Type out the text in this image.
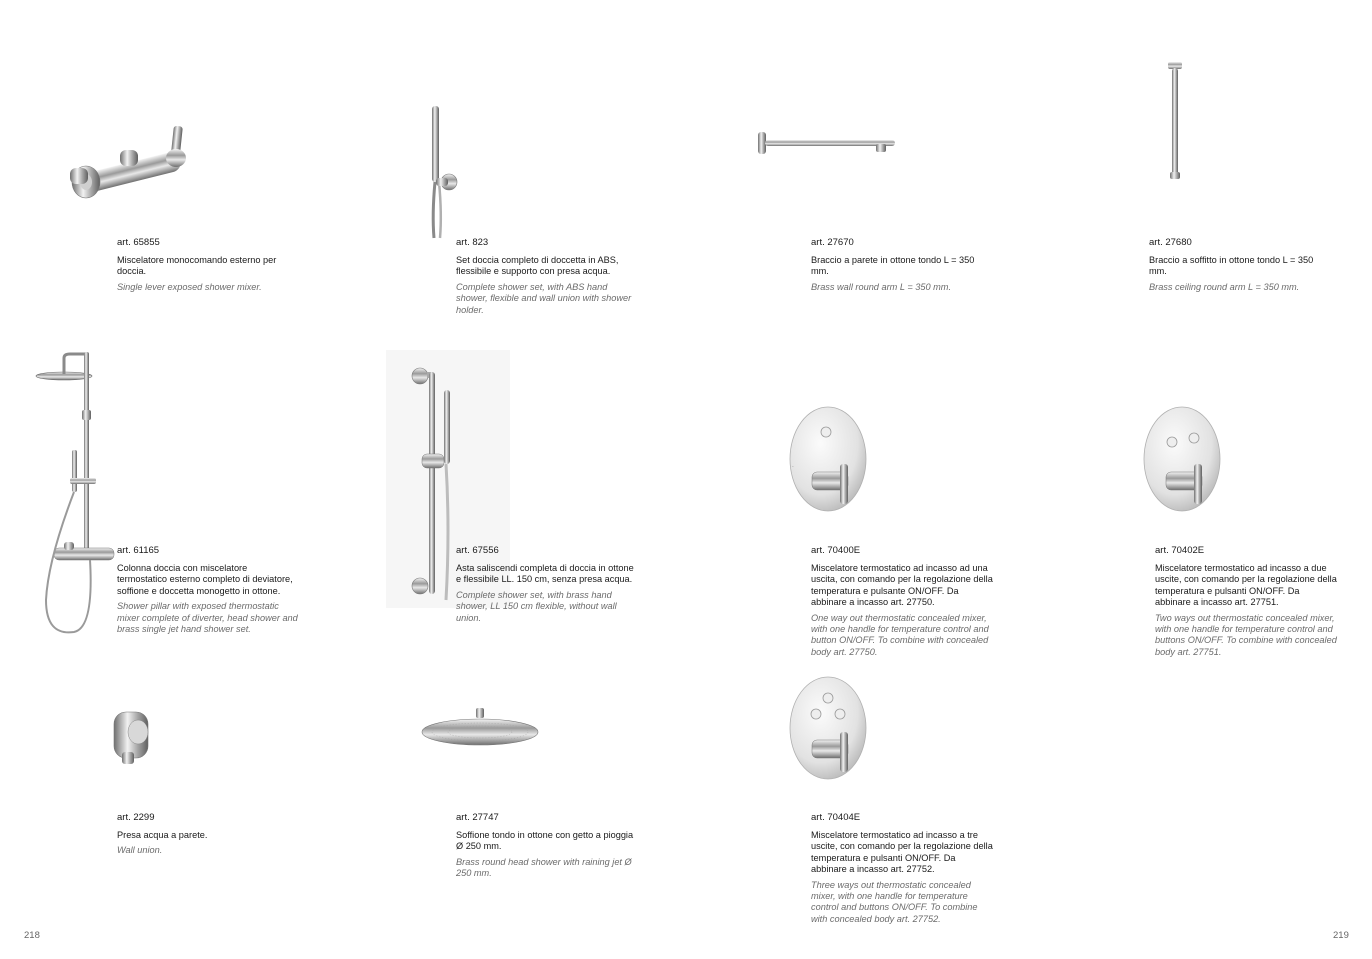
-

art. 65855

Miscelatore monocomando esterno per doccia.

Single lever exposed shower mixer.

art. 823

Set doccia completo di doccetta in ABS, flessibile e supporto con presa acqua.

Complete shower set, with ABS hand shower, flexible and wall union with shower holder.

art. 27670

Braccio a parete in ottone tondo L = 350 mm.

Brass wall round arm L = 350 mm.

art. 27680

Braccio a soffitto in ottone tondo L = 350 mm.

Brass ceiling round arm L = 350 mm.

art. 61165

Colonna doccia con miscelatore termostatico esterno completo di deviatore, soffione e doccetta monogetto in ottone.

Shower pillar with exposed thermostatic mixer complete of diverter, head shower and brass single jet hand shower set.

art. 67556

Asta saliscendi completa di doccia in ottone e flessibile LL. 150 cm, senza presa acqua.

Complete shower set, with brass hand shower, LL 150 cm flexible, without wall union.

art. 70400E

Miscelatore termostatico ad incasso ad una uscita, con comando per la regolazione della temperatura e pulsante ON/OFF. Da abbinare a incasso art. 27750.

One way out thermostatic concealed mixer, with one handle for temperature control and button ON/OFF. To combine with concealed body art. 27750.

art. 70402E

Miscelatore termostatico ad incasso a due uscite, con comando per la regolazione della temperatura e pulsanti ON/OFF. Da abbinare a incasso art. 27751.

Two ways out thermostatic concealed mixer, with one handle for temperature control and buttons ON/OFF. To combine with concealed body art. 27751.

art. 2299

Presa acqua a parete.

Wall union.

art. 27747

Soffione tondo in ottone con getto a pioggia Ø 250 mm.

Brass round head shower with raining jet Ø 250 mm.

art. 70404E

Miscelatore termostatico ad incasso a tre uscite, con comando per la regolazione della temperatura e pulsanti ON/OFF. Da abbinare a incasso art. 27752.

Three ways out thermostatic concealed mixer, with one handle for temperature control and buttons ON/OFF. To combine with concealed body art. 27752.

218	219
